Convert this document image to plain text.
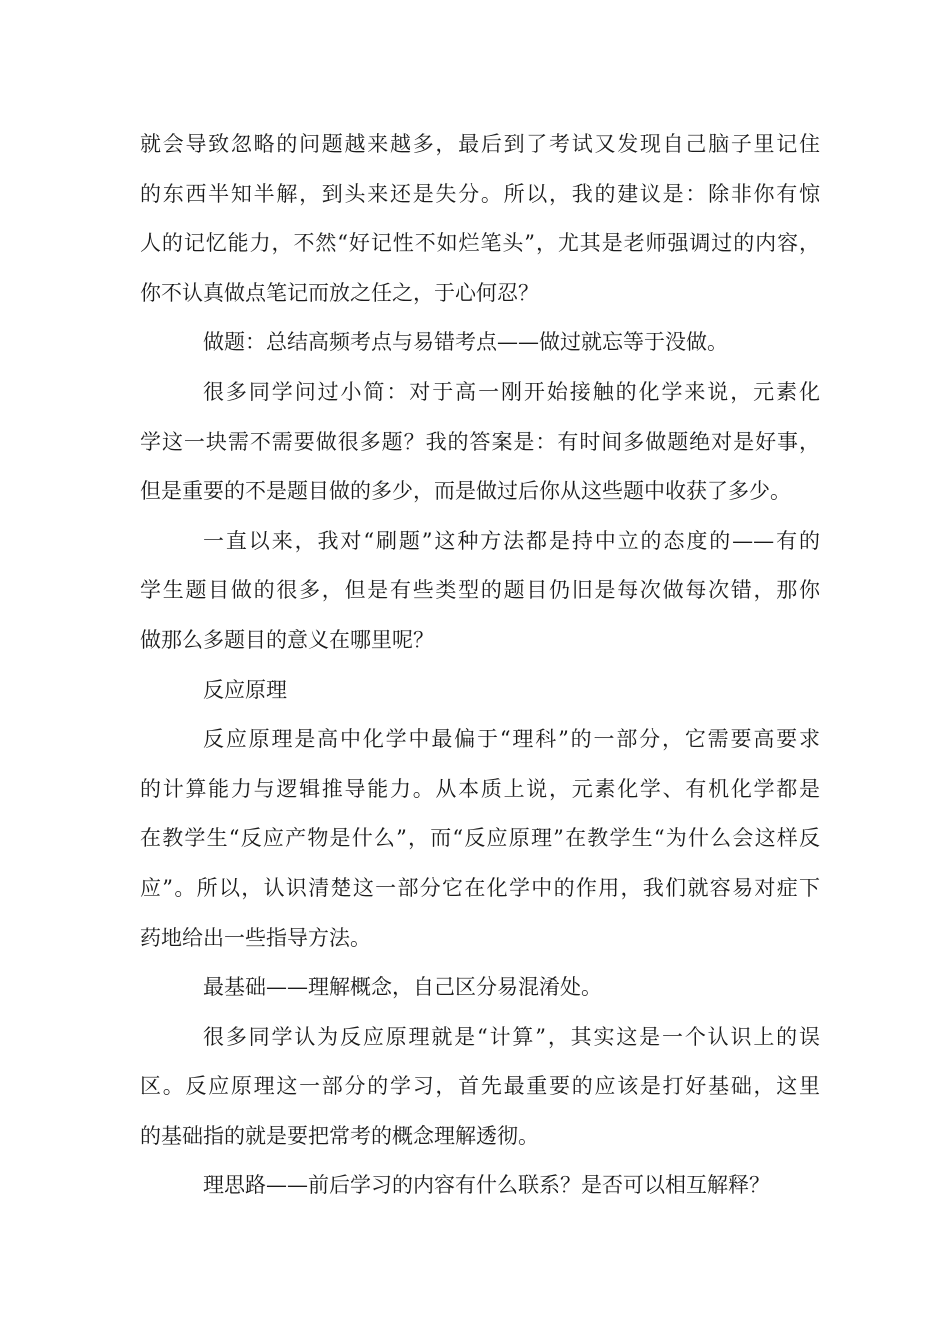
就会导致忽略的问题越来越多，最后到了考试又发现自己脑子里记住
的东西半知半解，到头来还是失分。所以，我的建议是：除非你有惊
人的记忆能力，不然“好记性不如烂笔头”，尤其是老师强调过的内容，
你不认真做点笔记而放之任之，于心何忍？
做题：总结高频考点与易错考点——做过就忘等于没做。
很多同学问过小简：对于高一刚开始接触的化学来说，元素化
学这一块需不需要做很多题？我的答案是：有时间多做题绝对是好事，
但是重要的不是题目做的多少，而是做过后你从这些题中收获了多少。
一直以来，我对“刷题”这种方法都是持中立的态度的——有的
学生题目做的很多，但是有些类型的题目仍旧是每次做每次错，那你
做那么多题目的意义在哪里呢？
反应原理
反应原理是高中化学中最偏于“理科”的一部分，它需要高要求
的计算能力与逻辑推导能力。从本质上说，元素化学、有机化学都是
在教学生“反应产物是什么”，而“反应原理”在教学生“为什么会这样反
应”。所以，认识清楚这一部分它在化学中的作用，我们就容易对症下
药地给出一些指导方法。
最基础——理解概念，自己区分易混淆处。
很多同学认为反应原理就是“计算”，其实这是一个认识上的误
区。反应原理这一部分的学习，首先最重要的应该是打好基础，这里
的基础指的就是要把常考的概念理解透彻。
理思路——前后学习的内容有什么联系？是否可以相互解释？
